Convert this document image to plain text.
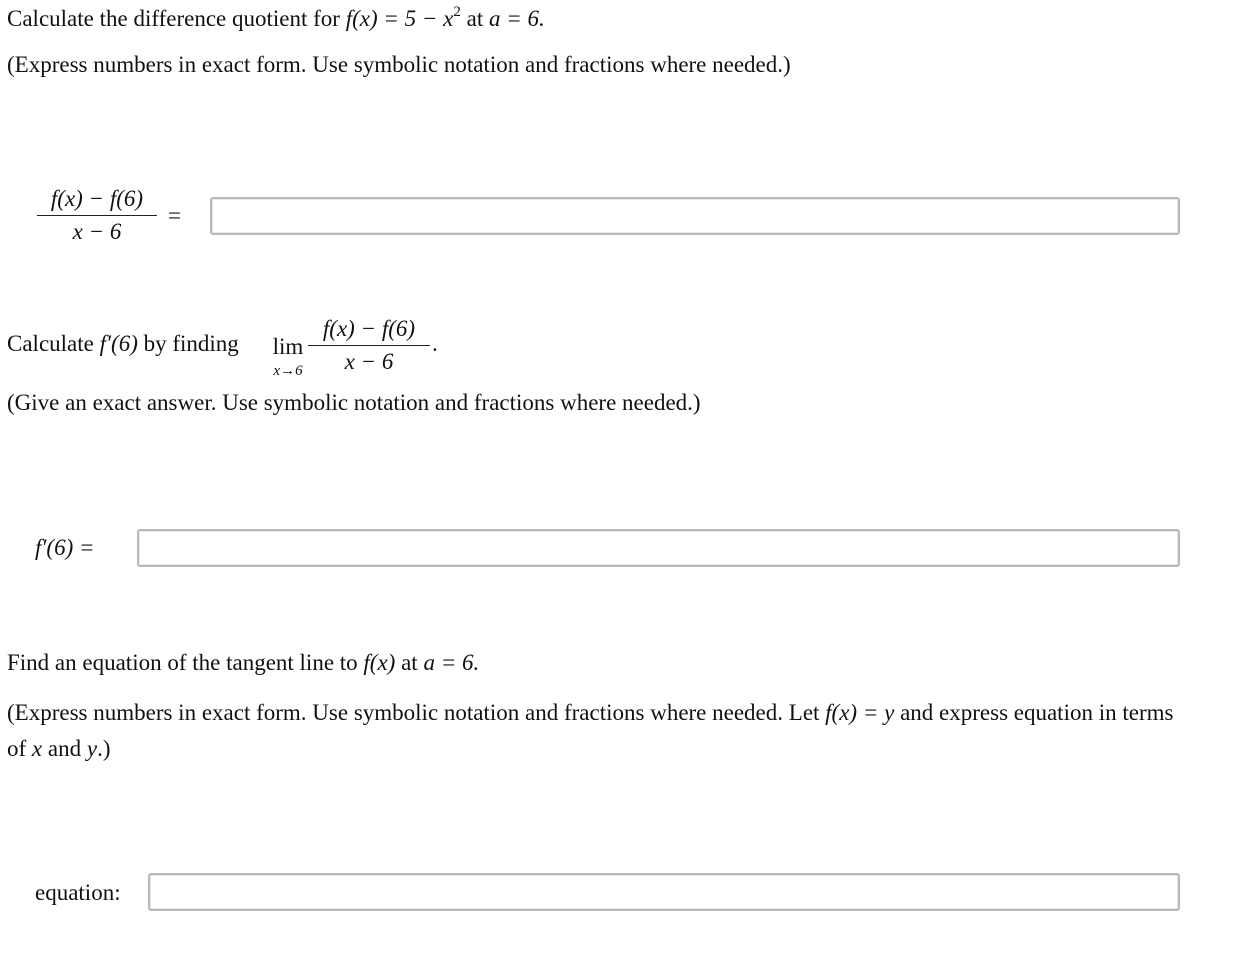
Calculate the difference quotient for $f(x) = 5 - x^2$ at a = 6.
(Express numbers in exact form. Use symbolic notation and fractions where needed.)
$\frac{f(x) - f(6)}{x - 6}$ =
Calculate f′(6) by finding lim
$x\to 6 \frac{f(x) - f(6)}{x - 6}$ .
(Give an exact answer. Use symbolic notation and fractions where needed.)
f′(6) =
Find an equation of the tangent line to f(x) at a = 6.
(Express numbers in exact form. Use symbolic notation and fractions where needed. Let f(x) = y and express equation in terms
of x and y.)
equation:
